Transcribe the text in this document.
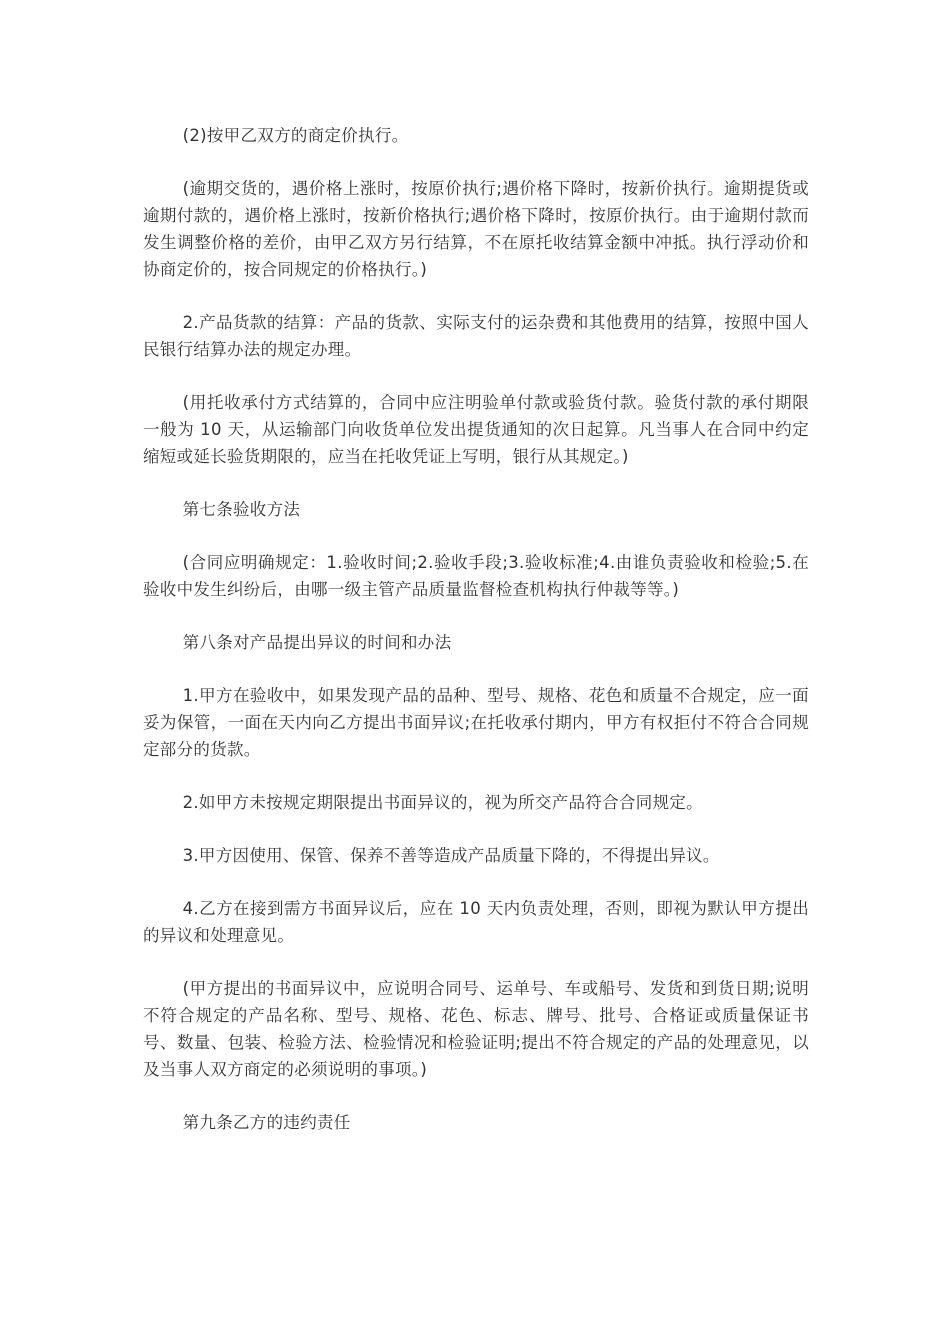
(2)按甲乙双方的商定价执行。

(逾期交货的，遇价格上涨时，按原价执行;遇价格下降时，按新价执行。逾期提货或逾期付款的，遇价格上涨时，按新价格执行;遇价格下降时，按原价执行。由于逾期付款而发生调整价格的差价，由甲乙双方另行结算，不在原托收结算金额中冲抵。执行浮动价和协商定价的，按合同规定的价格执行。)

2.产品货款的结算：产品的货款、实际支付的运杂费和其他费用的结算，按照中国人民银行结算办法的规定办理。

(用托收承付方式结算的，合同中应注明验单付款或验货付款。验货付款的承付期限一般为 10 天，从运输部门向收货单位发出提货通知的次日起算。凡当事人在合同中约定缩短或延长验货期限的，应当在托收凭证上写明，银行从其规定。)

第七条验收方法

(合同应明确规定：1.验收时间;2.验收手段;3.验收标准;4.由谁负责验收和检验;5.在验收中发生纠纷后，由哪一级主管产品质量监督检查机构执行仲裁等等。)

第八条对产品提出异议的时间和办法

1.甲方在验收中，如果发现产品的品种、型号、规格、花色和质量不合规定，应一面妥为保管，一面在天内向乙方提出书面异议;在托收承付期内，甲方有权拒付不符合合同规定部分的货款。

2.如甲方未按规定期限提出书面异议的，视为所交产品符合合同规定。

3.甲方因使用、保管、保养不善等造成产品质量下降的，不得提出异议。

4.乙方在接到需方书面异议后，应在 10 天内负责处理，否则，即视为默认甲方提出的异议和处理意见。

(甲方提出的书面异议中，应说明合同号、运单号、车或船号、发货和到货日期;说明不符合规定的产品名称、型号、规格、花色、标志、牌号、批号、合格证或质量保证书号、数量、包装、检验方法、检验情况和检验证明;提出不符合规定的产品的处理意见，以及当事人双方商定的必须说明的事项。)

第九条乙方的违约责任
